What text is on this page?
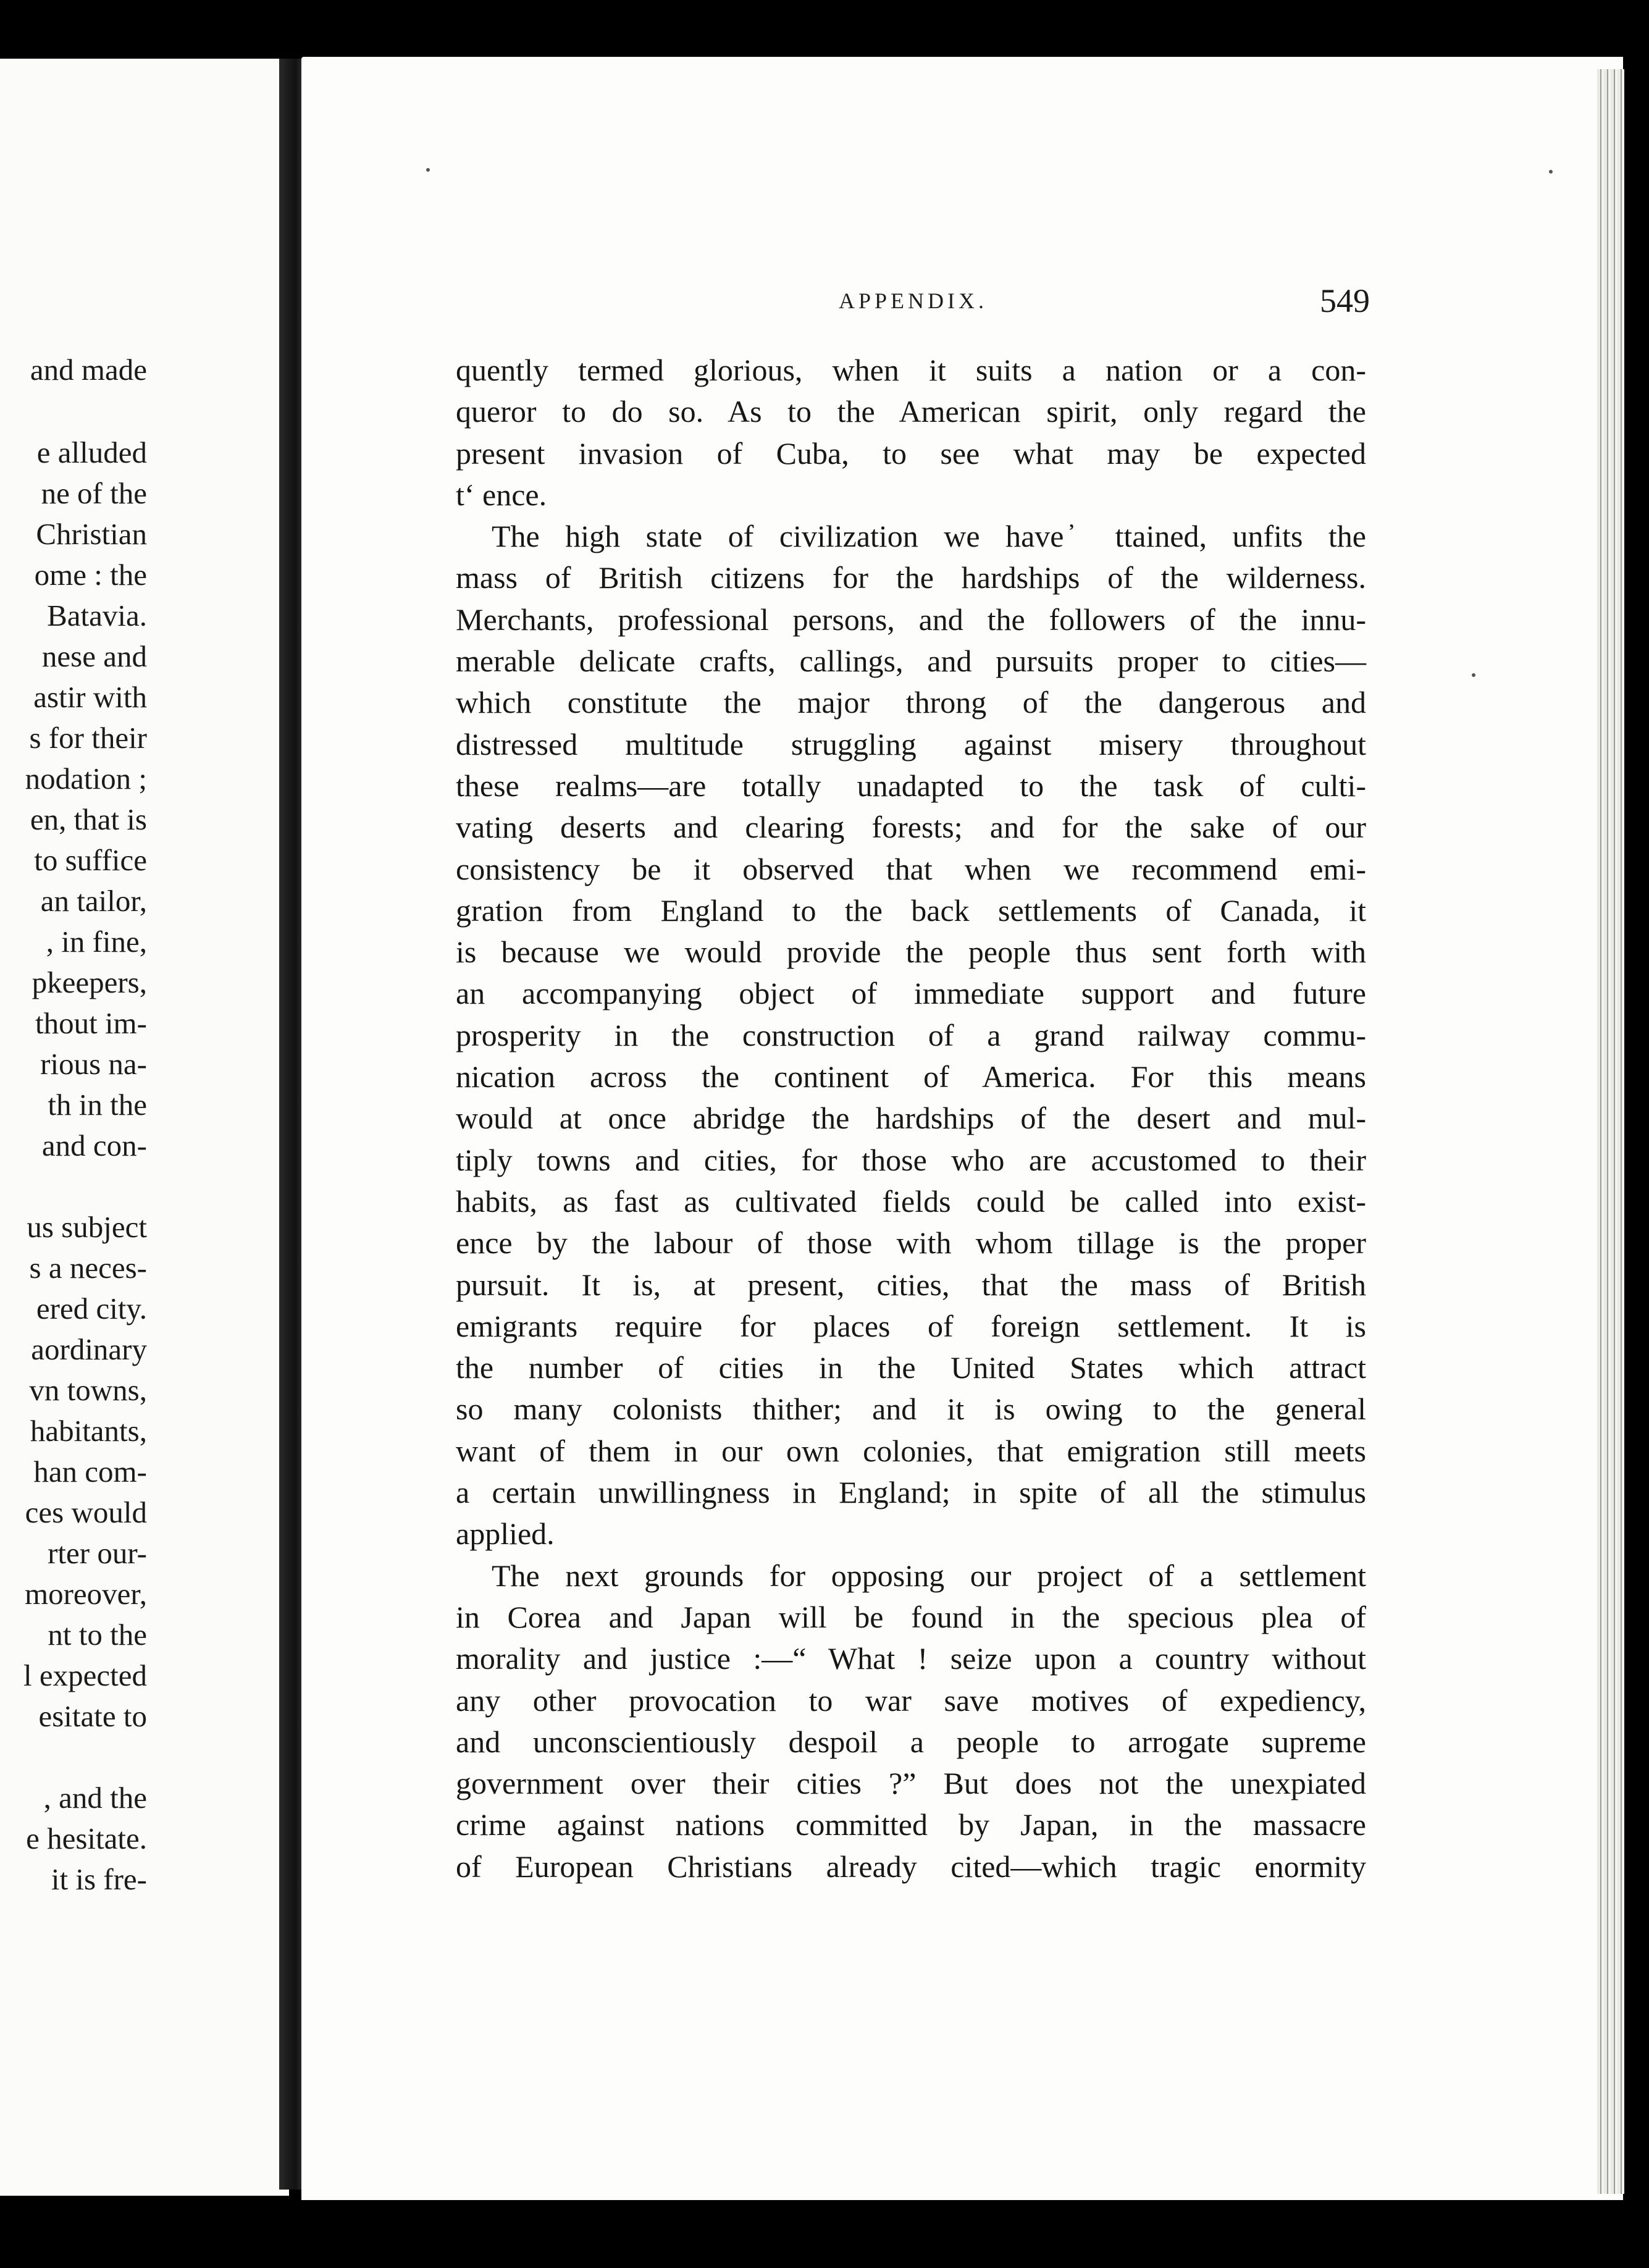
and made
e alluded
ne of the
Christian
ome : the
Batavia.
nese and
astir with
s for their
nodation ;
en, that is
to suffice
an tailor,
, in fine,
pkeepers,
thout im-
rious na-
th in the
and con-
us subject
s a neces-
ered city.
aordinary
vn towns,
habitants,
han com-
ces would
rter our-
moreover,
nt to the
l expected
esitate to
, and the
e hesitate.
it is fre-
APPENDIX.	549
quently termed glorious, when it suits a nation or a con-
queror to do so. As to the American spirit, only regard the
present invasion of Cuba, to see what may be expected
tʻ ence.
The high state of civilization we have ̓ ttained, unfits the
mass of British citizens for the hardships of the wilderness.
Merchants, professional persons, and the followers of the innu-
merable delicate crafts, callings, and pursuits proper to cities—
which constitute the major throng of the dangerous and
distressed multitude struggling against misery throughout
these realms—are totally unadapted to the task of culti-
vating deserts and clearing forests; and for the sake of our
consistency be it observed that when we recommend emi-
gration from England to the back settlements of Canada, it
is because we would provide the people thus sent forth with
an accompanying object of immediate support and future
prosperity in the construction of a grand railway commu-
nication across the continent of America. For this means
would at once abridge the hardships of the desert and mul-
tiply towns and cities, for those who are accustomed to their
habits, as fast as cultivated fields could be called into exist-
ence by the labour of those with whom tillage is the proper
pursuit. It is, at present, cities, that the mass of British
emigrants require for places of foreign settlement. It is
the number of cities in the United States which attract
so many colonists thither; and it is owing to the general
want of them in our own colonies, that emigration still meets
a certain unwillingness in England; in spite of all the stimulus
applied.
The next grounds for opposing our project of a settlement
in Corea and Japan will be found in the specious plea of
morality and justice :—“ What ! seize upon a country without
any other provocation to war save motives of expediency,
and unconscientiously despoil a people to arrogate supreme
government over their cities ?” But does not the unexpiated
crime against nations committed by Japan, in the massacre
of European Christians already cited—which tragic enormity
